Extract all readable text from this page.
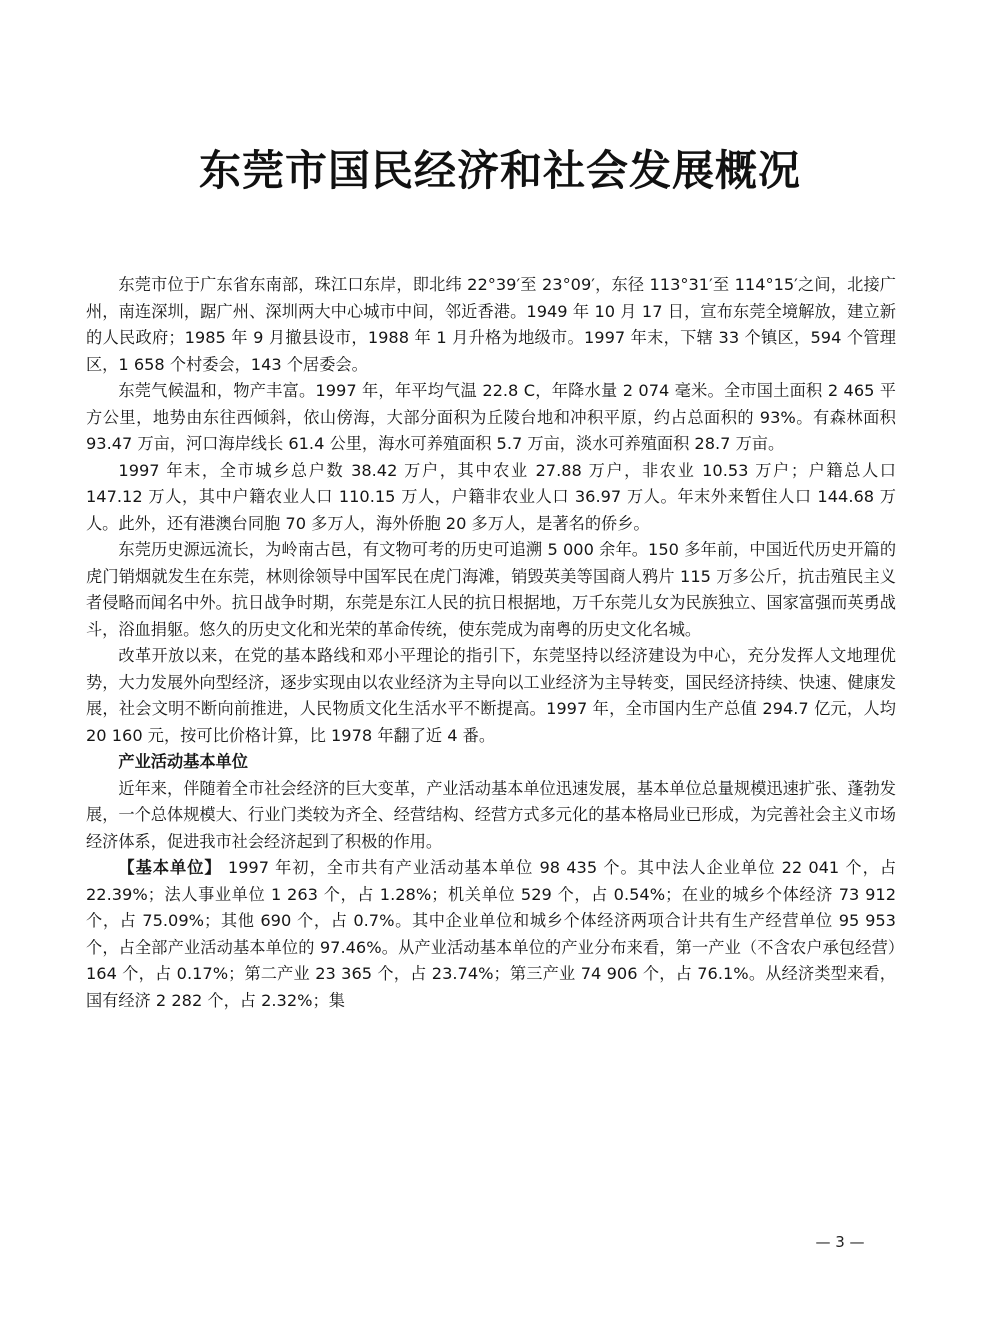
东莞市国民经济和社会发展概况

东莞市位于广东省东南部，珠江口东岸，即北纬 22°39′至 23°09′，东径 113°31′至 114°15′之间，北接广州，南连深圳，踞广州、深圳两大中心城市中间，邻近香港。1949 年 10 月 17 日，宣布东莞全境解放，建立新的人民政府；1985 年 9 月撤县设市，1988 年 1 月升格为地级市。1997 年末，下辖 33 个镇区，594 个管理区，1 658 个村委会，143 个居委会。

东莞气候温和，物产丰富。1997 年，年平均气温 22.8 C，年降水量 2 074 毫米。全市国土面积 2 465 平方公里，地势由东往西倾斜，依山傍海，大部分面积为丘陵台地和冲积平原，约占总面积的 93%。有森林面积 93.47 万亩，河口海岸线长 61.4 公里，海水可养殖面积 5.7 万亩，淡水可养殖面积 28.7 万亩。

1997 年末，全市城乡总户数 38.42 万户，其中农业 27.88 万户，非农业 10.53 万户；户籍总人口 147.12 万人，其中户籍农业人口 110.15 万人，户籍非农业人口 36.97 万人。年末外来暂住人口 144.68 万人。此外，还有港澳台同胞 70 多万人，海外侨胞 20 多万人，是著名的侨乡。

东莞历史源远流长，为岭南古邑，有文物可考的历史可追溯 5 000 余年。150 多年前，中国近代历史开篇的虎门销烟就发生在东莞，林则徐领导中国军民在虎门海滩，销毁英美等国商人鸦片 115 万多公斤，抗击殖民主义者侵略而闻名中外。抗日战争时期，东莞是东江人民的抗日根据地，万千东莞儿女为民族独立、国家富强而英勇战斗，浴血捐躯。悠久的历史文化和光荣的革命传统，使东莞成为南粤的历史文化名城。

改革开放以来，在党的基本路线和邓小平理论的指引下，东莞坚持以经济建设为中心，充分发挥人文地理优势，大力发展外向型经济，逐步实现由以农业经济为主导向以工业经济为主导转变，国民经济持续、快速、健康发展，社会文明不断向前推进，人民物质文化生活水平不断提高。1997 年，全市国内生产总值 294.7 亿元，人均 20 160 元，按可比价格计算，比 1978 年翻了近 4 番。

产业活动基本单位

近年来，伴随着全市社会经济的巨大变革，产业活动基本单位迅速发展，基本单位总量规模迅速扩张、蓬勃发展，一个总体规模大、行业门类较为齐全、经营结构、经营方式多元化的基本格局业已形成，为完善社会主义市场经济体系，促进我市社会经济起到了积极的作用。

【基本单位】 1997 年初，全市共有产业活动基本单位 98 435 个。其中法人企业单位 22 041 个，占 22.39%；法人事业单位 1 263 个，占 1.28%；机关单位 529 个，占 0.54%；在业的城乡个体经济 73 912 个，占 75.09%；其他 690 个，占 0.7%。其中企业单位和城乡个体经济两项合计共有生产经营单位 95 953 个，占全部产业活动基本单位的 97.46%。从产业活动基本单位的产业分布来看，第一产业（不含农户承包经营）164 个，占 0.17%；第二产业 23 365 个，占 23.74%；第三产业 74 906 个，占 76.1%。从经济类型来看，国有经济 2 282 个，占 2.32%；集

— 3 —
